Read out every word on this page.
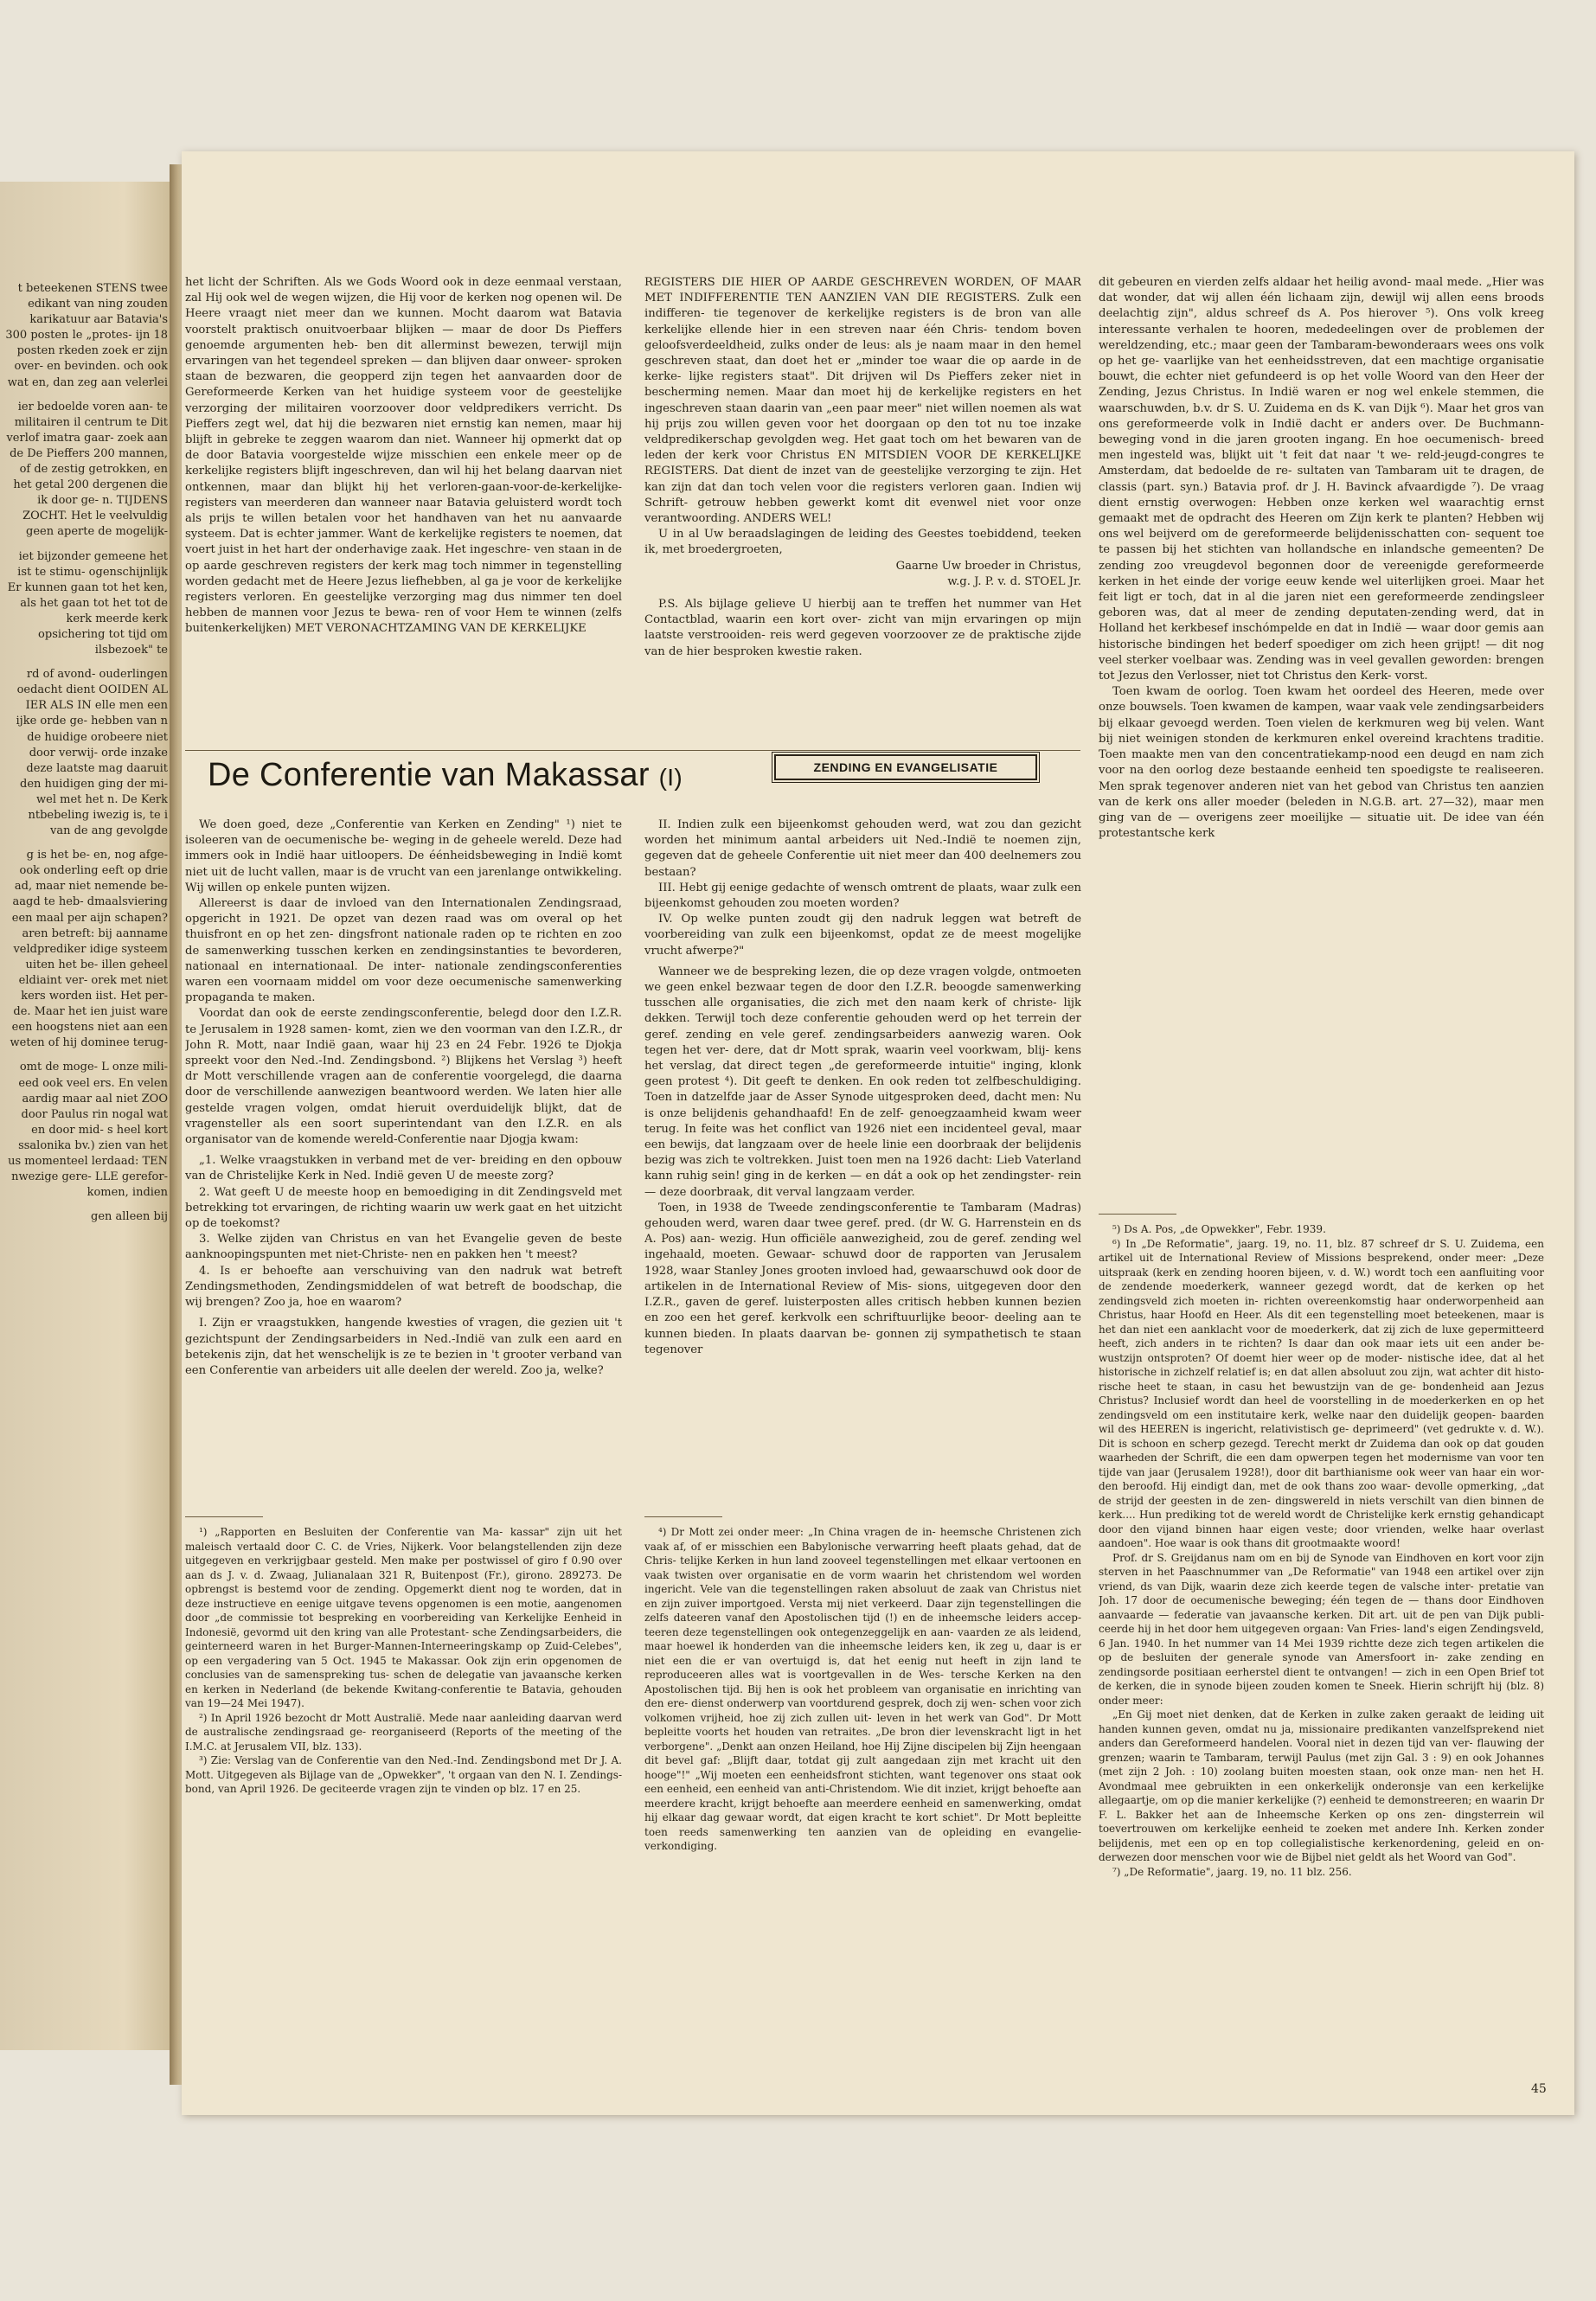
t beteekenen STENS twee edikant van ning zouden karikatuur aar Batavia's 300 posten le „protes- ijn 18 posten rkeden zoek er zijn over- en bevinden. och ook wat en, dan zeg aan velerlei

ier bedoelde voren aan- te militairen il centrum te Dit verlof imatra gaar- zoek aan de De Pieffers 200 mannen, of de zestig getrokken, en het getal 200 dergenen die ik door ge- n. TIJDENS ZOCHT. Het le veelvuldig geen aperte de mogelijk-

iet bijzonder gemeene het ist te stimu- ogenschijnlijk Er kunnen gaan tot het ken, als het gaan tot het tot de kerk meerde kerk opsichering tot tijd om ilsbezoek" te

rd of avond- ouderlingen oedacht dient OOIDEN AL IER ALS IN elle men een ijke orde ge- hebben van n de huidige orobeere niet door verwij- orde inzake deze laatste mag daaruit den huidigen ging der mi- wel met het n. De Kerk ntbebeling iwezig is, te i van de ang gevolgde

g is het be- en, nog afge- ook onderling eeft op drie ad, maar niet nemende be- aagd te heb- dmaalsviering een maal per aijn schapen? aren betreft: bij aanname veldprediker idige systeem uiten het be- illen geheel eldiaint ver- orek met niet kers worden iist. Het per- de. Maar het ien juist ware een hoogstens niet aan een weten of hij dominee terug-

omt de moge- L onze mili- eed ook veel ers. En velen aardig maar aal niet ZOO door Paulus rin nogal wat en door mid- s heel kort ssalonika bv.) zien van het us momenteel lerdaad: TEN nwezige gere- LLE gerefor- komen, indien

gen alleen bij

het licht der Schriften. Als we Gods Woord ook in deze eenmaal verstaan, zal Hij ook wel de wegen wijzen, die Hij voor de kerken nog openen wil. De Heere vraagt niet meer dan we kunnen. Mocht daarom wat Batavia voorstelt praktisch onuitvoerbaar blijken — maar de door Ds Pieffers genoemde argumenten heb- ben dit allerminst bewezen, terwijl mijn ervaringen van het tegendeel spreken — dan blijven daar onweer- sproken staan de bezwaren, die geopperd zijn tegen het aanvaarden door de Gereformeerde Kerken van het huidige systeem voor de geestelijke verzorging der militairen voorzoover door veldpredikers verricht. Ds Pieffers zegt wel, dat hij die bezwaren niet ernstig kan nemen, maar hij blijft in gebreke te zeggen waarom dan niet. Wanneer hij opmerkt dat op de door Batavia voorgestelde wijze misschien een enkele meer op de kerkelijke registers blijft ingeschreven, dan wil hij het belang daarvan niet ontkennen, maar dan blijkt hij het verloren-gaan-voor-de-kerkelijke-registers van meerderen dan wanneer naar Batavia geluisterd wordt toch als prijs te willen betalen voor het handhaven van het nu aanvaarde systeem. Dat is echter jammer. Want de kerkelijke registers te noemen, dat voert juist in het hart der onderhavige zaak. Het ingeschre- ven staan in de op aarde geschreven registers der kerk mag toch nimmer in tegenstelling worden gedacht met de Heere Jezus liefhebben, al ga je voor de kerkelijke registers verloren. En geestelijke verzorging mag dus nimmer ten doel hebben de mannen voor Jezus te bewa- ren of voor Hem te winnen (zelfs buitenkerkelijken) MET VERONACHTZAMING VAN DE KERKELIJKE

REGISTERS DIE HIER OP AARDE GESCHREVEN WORDEN, OF MAAR MET INDIFFERENTIE TEN AANZIEN VAN DIE REGISTERS. Zulk een indifferen- tie tegenover de kerkelijke registers is de bron van alle kerkelijke ellende hier in een streven naar één Chris- tendom boven geloofsverdeeldheid, zulks onder de leus: als je naam maar in den hemel geschreven staat, dan doet het er „minder toe waar die op aarde in de kerke- lijke registers staat". Dit drijven wil Ds Pieffers zeker niet in bescherming nemen. Maar dan moet hij de kerkelijke registers en het ingeschreven staan daarin van „een paar meer" niet willen noemen als wat hij prijs zou willen geven voor het doorgaan op den tot nu toe inzake veldpredikerschap gevolgden weg. Het gaat toch om het bewaren van de leden der kerk voor Christus EN MITSDIEN VOOR DE KERKELIJKE REGISTERS. Dat dient de inzet van de geestelijke verzorging te zijn. Het kan zijn dat dan toch velen voor die registers verloren gaan. Indien wij Schrift- getrouw hebben gewerkt komt dit evenwel niet voor onze verantwoording. ANDERS WEL!

U in al Uw beraadslagingen de leiding des Geestes toebiddend, teeken ik, met broedergroeten,

Gaarne Uw broeder in Christus,

w.g. J. P. v. d. STOEL Jr.

P.S. Als bijlage gelieve U hierbij aan te treffen het nummer van Het Contactblad, waarin een kort over- zicht van mijn ervaringen op mijn laatste verstrooiden- reis werd gegeven voorzoover ze de praktische zijde van de hier besproken kwestie raken.

De Conferentie van Makassar (I)	ZENDING EN EVANGELISATIE

We doen goed, deze „Conferentie van Kerken en Zending" ¹) niet te isoleeren van de oecumenische be- weging in de geheele wereld. Deze had immers ook in Indië haar uitloopers. De éénheidsbeweging in Indië komt niet uit de lucht vallen, maar is de vrucht van een jarenlange ontwikkeling. Wij willen op enkele punten wijzen.

Allereerst is daar de invloed van den Internationalen Zendingsraad, opgericht in 1921. De opzet van dezen raad was om overal op het thuisfront en op het zen- dingsfront nationale raden op te richten en zoo de samenwerking tusschen kerken en zendingsinstanties te bevorderen, nationaal en internationaal. De inter- nationale zendingsconferenties waren een voornaam middel om voor deze oecumenische samenwerking propaganda te maken.

Voordat dan ook de eerste zendingsconferentie, belegd door den I.Z.R. te Jerusalem in 1928 samen- komt, zien we den voorman van den I.Z.R., dr John R. Mott, naar Indië gaan, waar hij 23 en 24 Febr. 1926 te Djokja spreekt voor den Ned.-Ind. Zendingsbond. ²) Blijkens het Verslag ³) heeft dr Mott verschillende vragen aan de conferentie voorgelegd, die daarna door de verschillende aanwezigen beantwoord werden. We laten hier alle gestelde vragen volgen, omdat hieruit overduidelijk blijkt, dat de vragensteller als een soort superintendant van den I.Z.R. en als organisator van de komende wereld-Conferentie naar Djogja kwam:

„1. Welke vraagstukken in verband met de ver- breiding en den opbouw van de Christelijke Kerk in Ned. Indië geven U de meeste zorg?

2. Wat geeft U de meeste hoop en bemoediging in dit Zendingsveld met betrekking tot ervaringen, de richting waarin uw werk gaat en het uitzicht op de toekomst?

3. Welke zijden van Christus en van het Evangelie geven de beste aanknoopingspunten met niet-Christe- nen en pakken hen 't meest?

4. Is er behoefte aan verschuiving van den nadruk wat betreft Zendingsmethoden, Zendingsmiddelen of wat betreft de boodschap, die wij brengen? Zoo ja, hoe en waarom?

I. Zijn er vraagstukken, hangende kwesties of vragen, die gezien uit 't gezichtspunt der Zendingsarbeiders in Ned.-Indië van zulk een aard en betekenis zijn, dat het wenschelijk is ze te bezien in 't grooter verband van een Conferentie van arbeiders uit alle deelen der wereld. Zoo ja, welke?

¹) „Rapporten en Besluiten der Conferentie van Ma- kassar" zijn uit het maleisch vertaald door C. C. de Vries, Nijkerk. Voor belangstellenden zijn deze uitgegeven en verkrijgbaar gesteld. Men make per postwissel of giro f 0.90 over aan ds J. v. d. Zwaag, Julianalaan 321 R, Buitenpost (Fr.), girono. 289273. De opbrengst is bestemd voor de zending. Opgemerkt dient nog te worden, dat in deze instructieve en eenige uitgave tevens opgenomen is een motie, aangenomen door „de commissie tot bespreking en voorbereiding van Kerkelijke Eenheid in Indonesië, gevormd uit den kring van alle Protestant- sche Zendingsarbeiders, die geinterneerd waren in het Burger-Mannen-Interneeringskamp op Zuid-Celebes", op een vergadering van 5 Oct. 1945 te Makassar. Ook zijn erin opgenomen de conclusies van de samenspreking tus- schen de delegatie van javaansche kerken en kerken in Nederland (de bekende Kwitang-conferentie te Batavia, gehouden van 19—24 Mei 1947).

²) In April 1926 bezocht dr Mott Australië. Mede naar aanleiding daarvan werd de australische zendingsraad ge- reorganiseerd (Reports of the meeting of the I.M.C. at Jerusalem VII, blz. 133).

³) Zie: Verslag van de Conferentie van den Ned.-Ind. Zendingsbond met Dr J. A. Mott. Uitgegeven als Bijlage van de „Opwekker", 't orgaan van den N. I. Zendings- bond, van April 1926. De geciteerde vragen zijn te vinden op blz. 17 en 25.

II. Indien zulk een bijeenkomst gehouden werd, wat zou dan gezicht worden het minimum aantal arbeiders uit Ned.-Indië te noemen zijn, gegeven dat de geheele Conferentie uit niet meer dan 400 deelnemers zou bestaan?

III. Hebt gij eenige gedachte of wensch omtrent de plaats, waar zulk een bijeenkomst gehouden zou moeten worden?

IV. Op welke punten zoudt gij den nadruk leggen wat betreft de voorbereiding van zulk een bijeenkomst, opdat ze de meest mogelijke vrucht afwerpe?"

Wanneer we de bespreking lezen, die op deze vragen volgde, ontmoeten we geen enkel bezwaar tegen de door den I.Z.R. beoogde samenwerking tusschen alle organisaties, die zich met den naam kerk of christe- lijk dekken. Terwijl toch deze conferentie gehouden werd op het terrein der geref. zending en vele geref. zendingsarbeiders aanwezig waren. Ook tegen het ver- dere, dat dr Mott sprak, waarin veel voorkwam, blij- kens het verslag, dat direct tegen „de gereformeerde intuitie" inging, klonk geen protest ⁴). Dit geeft te denken. En ook reden tot zelfbeschuldiging. Toen in datzelfde jaar de Asser Synode uitgesproken deed, dacht men: Nu is onze belijdenis gehandhaafd! En de zelf- genoegzaamheid kwam weer terug. In feite was het conflict van 1926 niet een incidenteel geval, maar een bewijs, dat langzaam over de heele linie een doorbraak der belijdenis bezig was zich te voltrekken. Juist toen men na 1926 dacht: Lieb Vaterland kann ruhig sein! ging in de kerken — en dát a ook op het zendingster- rein — deze doorbraak, dit verval langzaam verder.

Toen, in 1938 de Tweede zendingsconferentie te Tambaram (Madras) gehouden werd, waren daar twee geref. pred. (dr W. G. Harrenstein en ds A. Pos) aan- wezig. Hun officiële aanwezigheid, zou de geref. zending wel ingehaald, moeten. Gewaar- schuwd door de rapporten van Jerusalem 1928, waar Stanley Jones grooten invloed had, gewaarschuwd ook door de artikelen in de International Review of Mis- sions, uitgegeven door den I.Z.R., gaven de geref. luisterposten alles critisch hebben kunnen bezien en zoo een het geref. kerkvolk een schriftuurlijke beoor- deeling aan te kunnen bieden. In plaats daarvan be- gonnen zij sympathetisch te staan tegenover

⁴) Dr Mott zei onder meer: „In China vragen de in- heemsche Christenen zich vaak af, of er misschien een Babylonische verwarring heeft plaats gehad, dat de Chris- telijke Kerken in hun land zooveel tegenstellingen met elkaar vertoonen en vaak twisten over organisatie en de vorm waarin het christendom wel worden ingericht. Vele van die tegenstellingen raken absoluut de zaak van Christus niet en zijn zuiver importgoed. Versta mij niet verkeerd. Daar zijn tegenstellingen die zelfs dateeren vanaf den Apostolischen tijd (!) en de inheemsche leiders accep- teeren deze tegenstellingen ook ontegenzeggelijk en aan- vaarden ze als leidend, maar hoewel ik honderden van die inheemsche leiders ken, ik zeg u, daar is er niet een die er van overtuigd is, dat het eenig nut heeft in zijn land te reproduceeren alles wat is voortgevallen in de Wes- tersche Kerken na den Apostolischen tijd. Bij hen is ook het probleem van organisatie en inrichting van den ere- dienst onderwerp van voortdurend gesprek, doch zij wen- schen voor zich volkomen vrijheid, hoe zij zich zullen uit- leven in het werk van God". Dr Mott bepleitte voorts het houden van retraites. „De bron dier levenskracht ligt in het verborgene". „Denkt aan onzen Heiland, hoe Hij Zijne discipelen bij Zijn heengaan dit bevel gaf: „Blijft daar, totdat gij zult aangedaan zijn met kracht uit den hooge"!" „Wij moeten een eenheidsfront stichten, want tegenover ons staat ook een eenheid, een eenheid van anti-Christendom. Wie dit inziet, krijgt behoefte aan meerdere kracht, krijgt behoefte aan meerdere eenheid en samenwerking, omdat hij elkaar dag gewaar wordt, dat eigen kracht te kort schiet". Dr Mott bepleitte toen reeds samenwerking ten aanzien van de opleiding en evangelie- verkondiging.

dit gebeuren en vierden zelfs aldaar het heilig avond- maal mede. „Hier was dat wonder, dat wij allen één lichaam zijn, dewijl wij allen eens broods deelachtig zijn", aldus schreef ds A. Pos hierover ⁵). Ons volk kreeg interessante verhalen te hooren, mededeelingen over de problemen der wereldzending, etc.; maar geen der Tambaram-bewonderaars wees ons volk op het ge- vaarlijke van het eenheidsstreven, dat een machtige organisatie bouwt, die echter niet gefundeerd is op het volle Woord van den Heer der Zending, Jezus Christus. In Indië waren er nog wel enkele stemmen, die waarschuwden, b.v. dr S. U. Zuidema en ds K. van Dijk ⁶). Maar het gros van ons gereformeerde volk in Indië dacht er anders over. De Buchmann-beweging vond in die jaren grooten ingang. En hoe oecumenisch- breed men ingesteld was, blijkt uit 't feit dat naar 't we- reld-jeugd-congres te Amsterdam, dat bedoelde de re- sultaten van Tambaram uit te dragen, de classis (part. syn.) Batavia prof. dr J. H. Bavinck afvaardigde ⁷). De vraag dient ernstig overwogen: Hebben onze kerken wel waarachtig ernst gemaakt met de opdracht des Heeren om Zijn kerk te planten? Hebben wij ons wel beijverd om de gereformeerde belijdenisschatten con- sequent toe te passen bij het stichten van hollandsche en inlandsche gemeenten? De zending zoo vreugdevol begonnen door de vereenigde gereformeerde kerken in het einde der vorige eeuw kende wel uiterlijken groei. Maar het feit ligt er toch, dat in al die jaren niet een gereformeerde zendingsleer geboren was, dat al meer de zending deputaten-zending werd, dat in Holland het kerkbesef inschómpelde en dat in Indië — waar door gemis aan historische bindingen het bederf spoediger om zich heen grijpt! — dit nog veel sterker voelbaar was. Zending was in veel gevallen geworden: brengen tot Jezus den Verlosser, niet tot Christus den Kerk- vorst.

Toen kwam de oorlog. Toen kwam het oordeel des Heeren, mede over onze bouwsels. Toen kwamen de kampen, waar vaak vele zendingsarbeiders bij elkaar gevoegd werden. Toen vielen de kerkmuren weg bij velen. Want bij niet weinigen stonden de kerkmuren enkel overeind krachtens traditie. Toen maakte men van den concentratiekamp-nood een deugd en nam zich voor na den oorlog deze bestaande eenheid ten spoedigste te realiseeren. Men sprak tegenover anderen niet van het gebod van Christus ten aanzien van de kerk ons aller moeder (beleden in N.G.B. art. 27—32), maar men ging van de — overigens zeer moeilijke — situatie uit. De idee van één protestantsche kerk

⁵) Ds A. Pos, „de Opwekker", Febr. 1939.

⁶) In „De Reformatie", jaarg. 19, no. 11, blz. 87 schreef dr S. U. Zuidema, een artikel uit de International Review of Missions besprekend, onder meer: „Deze uitspraak (kerk en zending hooren bijeen, v. d. W.) wordt toch een aanfluiting voor de zendende moederkerk, wanneer gezegd wordt, dat de kerken op het zendingsveld zich moeten in- richten overeenkomstig haar onderworpenheid aan Christus, haar Hoofd en Heer. Als dit een tegenstelling moet beteekenen, maar is het dan niet een aanklacht voor de moederkerk, dat zij zich de luxe gepermitteerd heeft, zich anders in te richten? Is daar dan ook maar iets uit een ander be- wustzijn ontsproten? Of doemt hier weer op de moder- nistische idee, dat al het historische in zichzelf relatief is; en dat allen absoluut zou zijn, wat achter dit histo- rische heet te staan, in casu het bewustzijn van de ge- bondenheid aan Jezus Christus? Inclusief wordt dan heel de voorstelling in de moederkerken en op het zendingsveld om een institutaire kerk, welke naar den duidelijk geopen- baarden wil des HEEREN is ingericht, relativistisch ge- deprimeerd" (vet gedrukte v. d. W.). Dit is schoon en scherp gezegd. Terecht merkt dr Zuidema dan ook op dat gouden waarheden der Schrift, die een dam opwerpen tegen het modernisme van voor ten tijde van jaar (Jerusalem 1928!), door dit barthianisme ook weer van haar ein wor- den beroofd. Hij eindigt dan, met de ook thans zoo waar- devolle opmerking, „dat de strijd der geesten in de zen- dingswereld in niets verschilt van dien binnen de kerk.... Hun prediking tot de wereld wordt de Christelijke kerk ernstig gehandicapt door den vijand binnen haar eigen veste; door vrienden, welke haar overlast aandoen". Hoe waar is ook thans dit grootmaakte woord!

Prof. dr S. Greijdanus nam om en bij de Synode van Eindhoven en kort voor zijn sterven in het Paaschnummer van „De Reformatie" van 1948 een artikel over zijn vriend, ds van Dijk, waarin deze zich keerde tegen de valsche inter- pretatie van Joh. 17 door de oecumenische beweging; één tegen de — thans door Eindhoven aanvaarde — federatie van javaansche kerken. Dit art. uit de pen van Dijk publi- ceerde hij in het door hem uitgegeven orgaan: Van Fries- land's eigen Zendingsveld, 6 Jan. 1940. In het nummer van 14 Mei 1939 richtte deze zich tegen artikelen die op de besluiten der generale synode van Amersfoort in- zake zending en zendingsorde positiaan eerherstel dient te ontvangen! — zich in een Open Brief tot de kerken, die in synode bijeen zouden komen te Sneek. Hierin schrijft hij (blz. 8) onder meer:

„En Gij moet niet denken, dat de Kerken in zulke zaken geraakt de leiding uit handen kunnen geven, omdat nu ja, missionaire predikanten vanzelfsprekend niet anders dan Gereformeerd handelen. Vooral niet in dezen tijd van ver- flauwing der grenzen; waarin te Tambaram, terwijl Paulus (met zijn Gal. 3 : 9) en ook Johannes (met zijn 2 Joh. : 10) zoolang buiten moesten staan, ook onze man- nen het H. Avondmaal mee gebruikten in een onkerkelijk onderonsje van een kerkelijke allegaartje, om op die manier kerkelijke (?) eenheid te demonstreeren; en waarin Dr F. L. Bakker het aan de Inheemsche Kerken op ons zen- dingsterrein wil toevertrouwen om kerkelijke eenheid te zoeken met andere Inh. Kerken zonder belijdenis, met een op en top collegialistische kerkenordening, geleid en on- derwezen door menschen voor wie de Bijbel niet geldt als het Woord van God".

⁷) „De Reformatie", jaarg. 19, no. 11 blz. 256.

45
